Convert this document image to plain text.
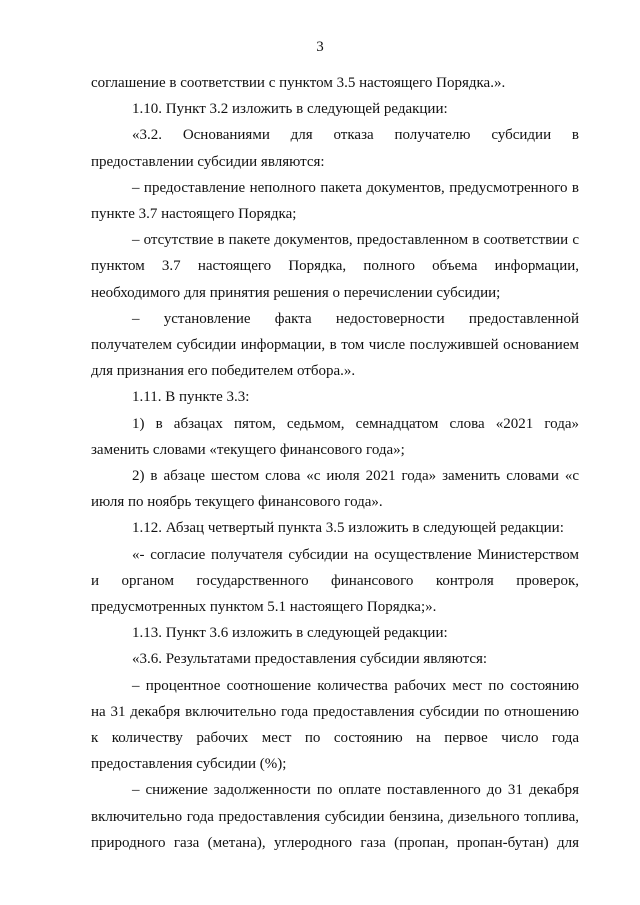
3

соглашение в соответствии с пунктом 3.5 настоящего Порядка.».

1.10. Пункт 3.2 изложить в следующей редакции:

«3.2. Основаниями для отказа получателю субсидии в предоставлении субсидии являются:

– предоставление неполного пакета документов, предусмотренного в пункте 3.7 настоящего Порядка;

– отсутствие в пакете документов, предоставленном в соответствии с пунктом 3.7 настоящего Порядка, полного объема информации, необходимого для принятия решения о перечислении субсидии;

– установление факта недостоверности предоставленной получателем субсидии информации, в том числе послужившей основанием для признания его победителем отбора.».

1.11. В пункте 3.3:

1) в абзацах пятом, седьмом, семнадцатом слова «2021 года» заменить словами «текущего финансового года»;

2) в абзаце шестом слова «с июля 2021 года» заменить словами «с июля по ноябрь текущего финансового года».

1.12. Абзац четвертый пункта 3.5 изложить в следующей редакции:

«- согласие получателя субсидии на осуществление Министерством и органом государственного финансового контроля проверок, предусмотренных пунктом 5.1 настоящего Порядка;».

1.13. Пункт 3.6 изложить в следующей редакции:

«3.6. Результатами предоставления субсидии являются:

– процентное соотношение количества рабочих мест по состоянию на 31 декабря включительно года предоставления субсидии по отношению к количеству рабочих мест по состоянию на первое число года предоставления субсидии (%);

– снижение задолженности по оплате поставленного до 31 декабря включительно года предоставления субсидии бензина, дизельного топлива, природного газа (метана), углеродного газа (пропан, пропан-бутан) для
